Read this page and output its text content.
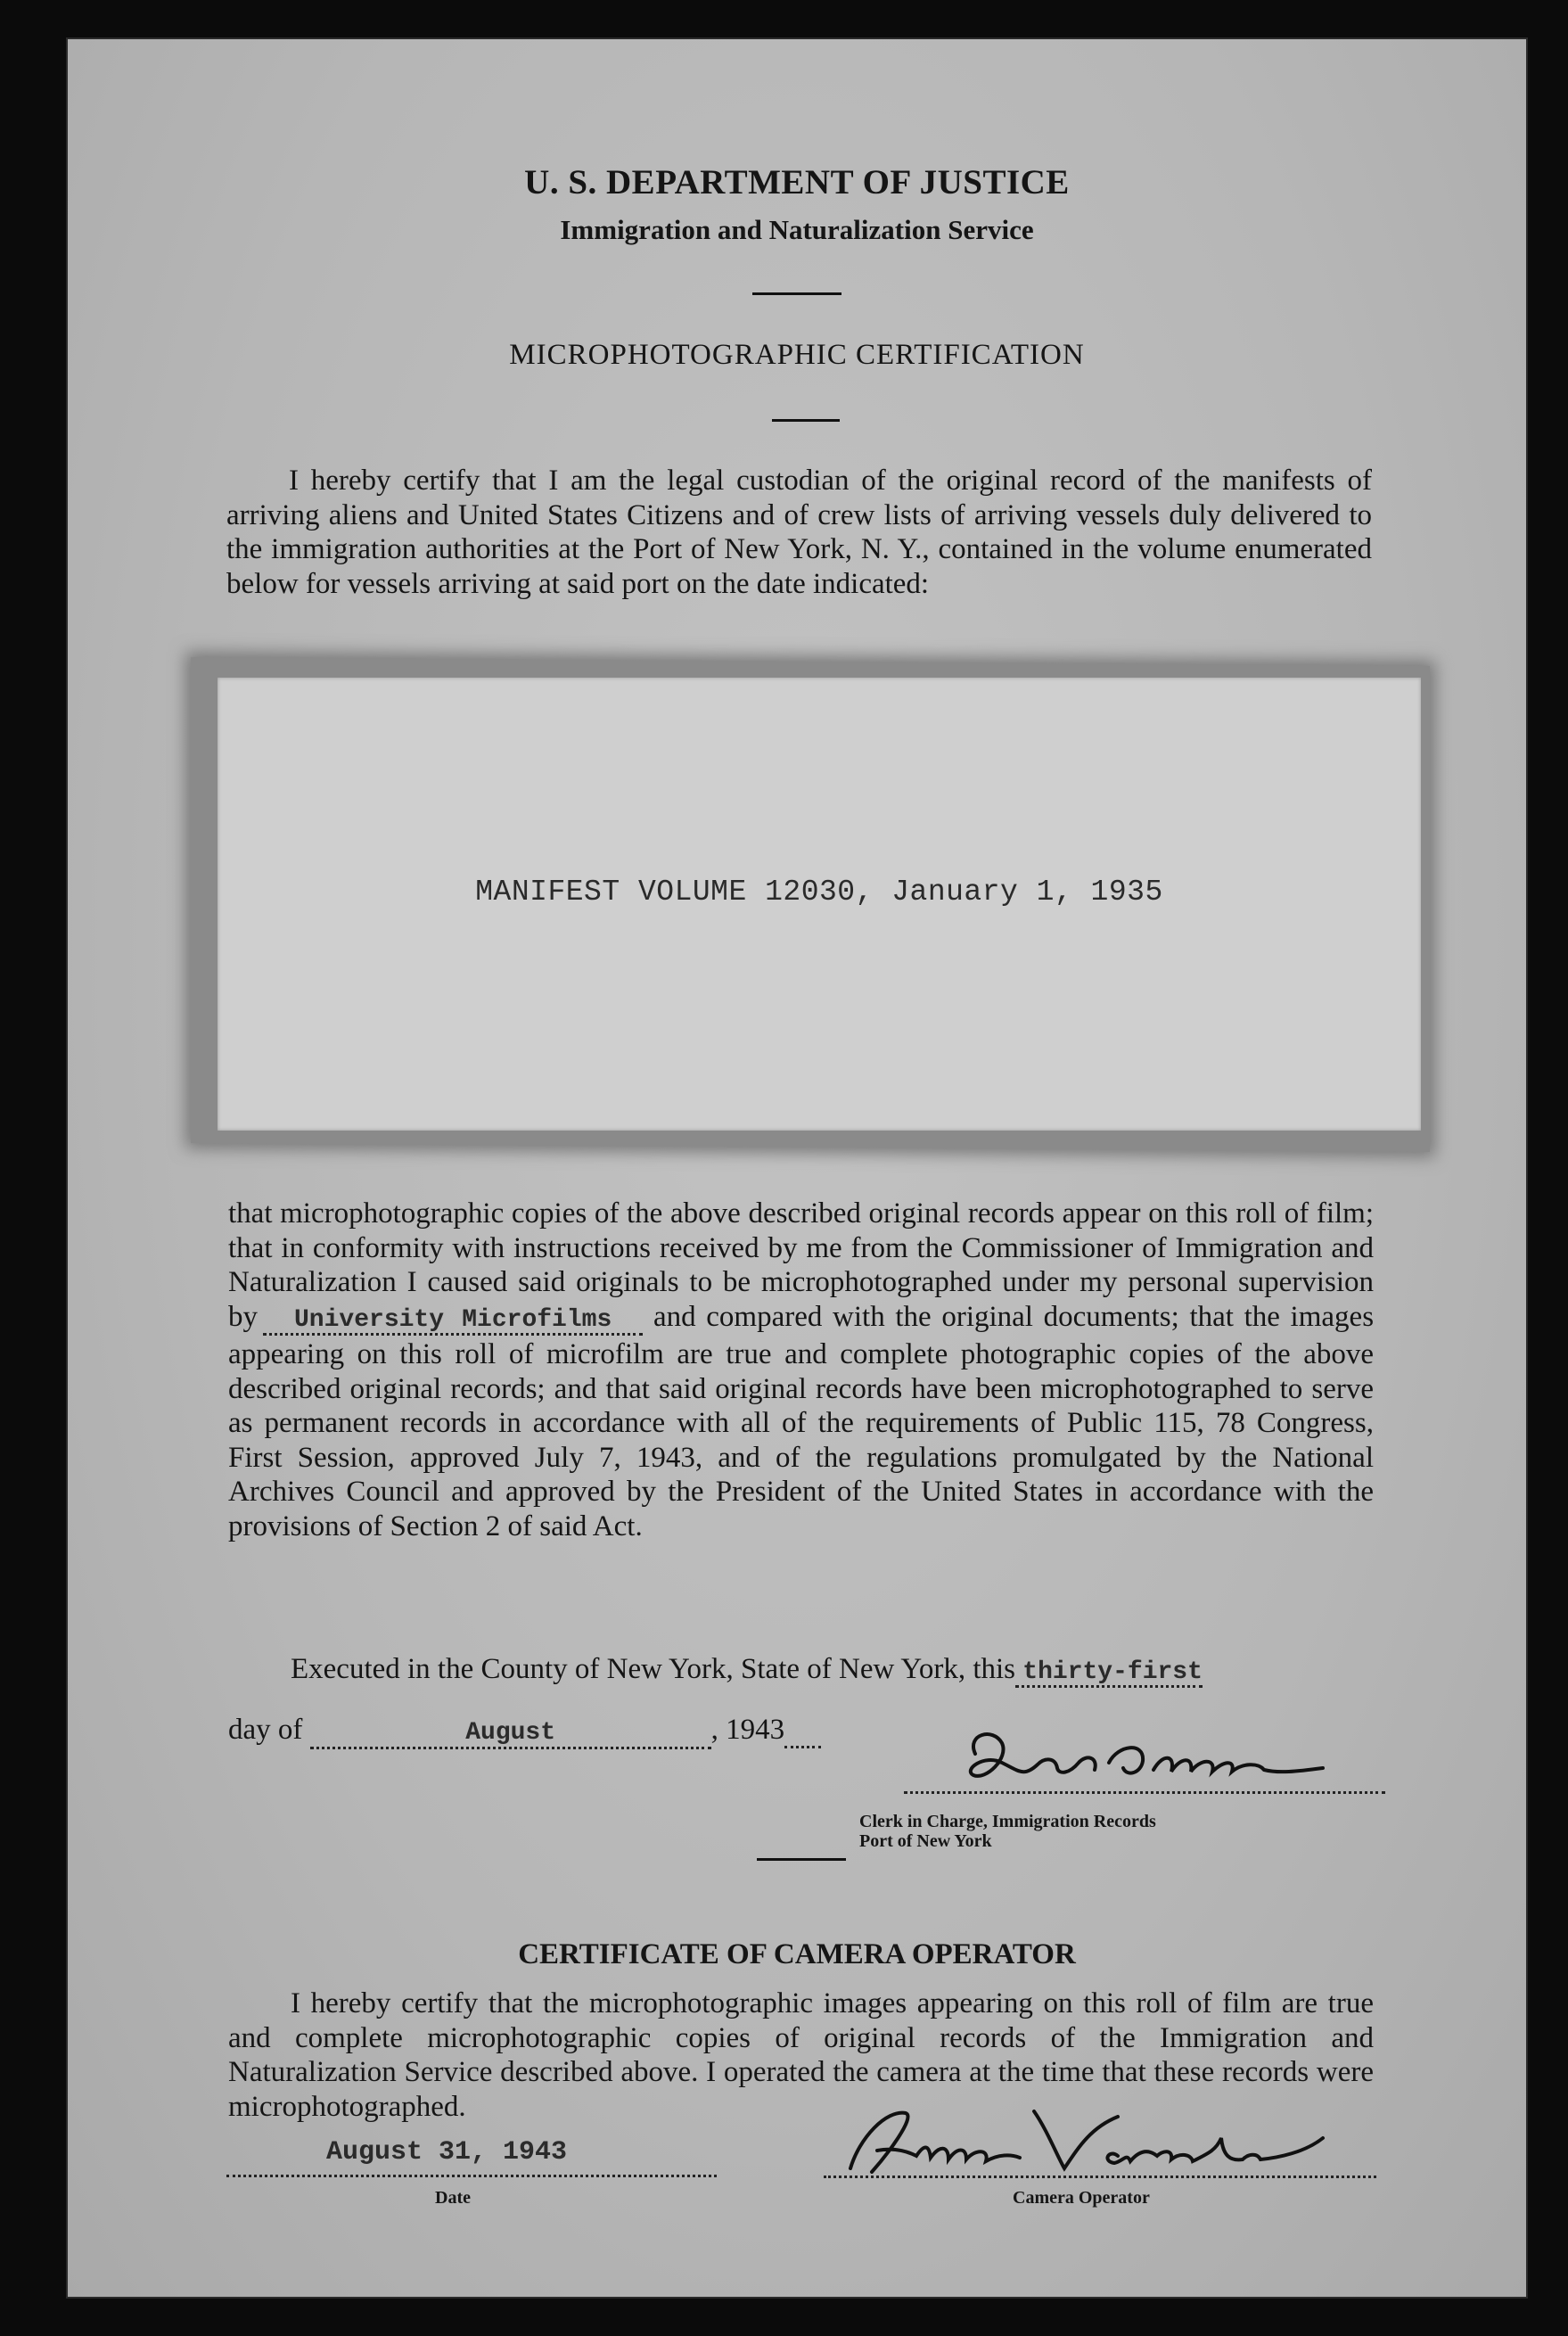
U. S. DEPARTMENT OF JUSTICE
Immigration and Naturalization Service
MICROPHOTOGRAPHIC CERTIFICATION

I hereby certify that I am the legal custodian of the original record of the manifests of arriving aliens and United States Citizens and of crew lists of arriving vessels duly delivered to the immigration authorities at the Port of New York, N. Y., contained in the volume enumerated below for vessels arriving at said port on the date indicated:

MANIFEST VOLUME 12030, January 1, 1935

that microphotographic copies of the above described original records appear on this roll of film; that in conformity with instructions received by me from the Commissioner of Immigration and Naturalization I caused said originals to be microphotographed under my personal supervision by University Microfilms and compared with the original documents; that the images appearing on this roll of microfilm are true and complete photographic copies of the above described original records; and that said original records have been microphotographed to serve as permanent records in accordance with all of the requirements of Public 115, 78 Congress, First Session, approved July 7, 1943, and of the regulations promulgated by the National Archives Council and approved by the President of the United States in accordance with the provisions of Section 2 of said Act.

Executed in the County of New York, State of New York, this thirty-first
day of	August	, 1943
Clerk in Charge, Immigration Records
Port of New York
CERTIFICATE OF CAMERA OPERATOR

I hereby certify that the microphotographic images appearing on this roll of film are true and complete microphotographic copies of original records of the Immigration and Naturalization Service described above. I operated the camera at the time that these records were microphotographed.

August 31, 1943
Date	Camera Operator
